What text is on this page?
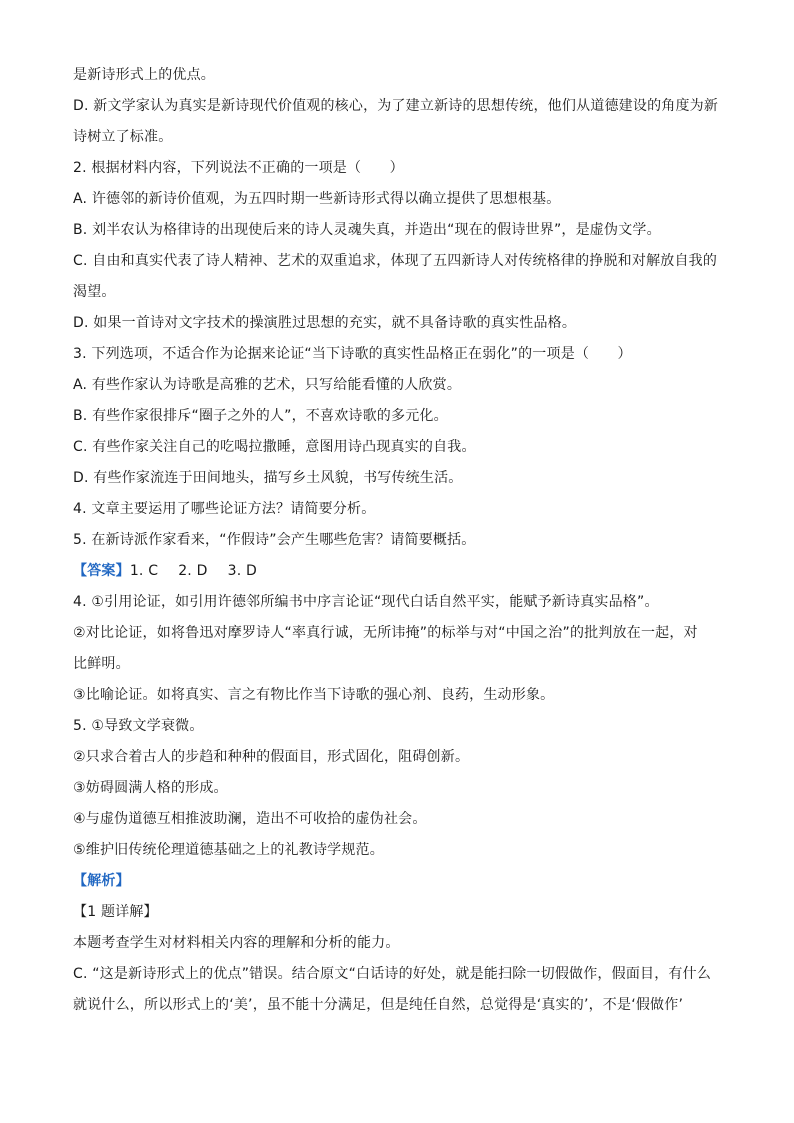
是新诗形式上的优点。
D. 新文学家认为真实是新诗现代价值观的核心，为了建立新诗的思想传统，他们从道德建设的角度为新
诗树立了标准。
2. 根据材料内容，下列说法不正确的一项是（　　）
A. 许德邻的新诗价值观，为五四时期一些新诗形式得以确立提供了思想根基。
B. 刘半农认为格律诗的出现使后来的诗人灵魂失真，并造出“现在的假诗世界”，是虚伪文学。
C. 自由和真实代表了诗人精神、艺术的双重追求，体现了五四新诗人对传统格律的挣脱和对解放自我的
渴望。
D. 如果一首诗对文字技术的操演胜过思想的充实，就不具备诗歌的真实性品格。
3. 下列选项，不适合作为论据来论证“当下诗歌的真实性品格正在弱化”的一项是（　　）
A. 有些作家认为诗歌是高雅的艺术，只写给能看懂的人欣赏。
B. 有些作家很排斥“圈子之外的人”，不喜欢诗歌的多元化。
C. 有些作家关注自己的吃喝拉撒睡，意图用诗凸现真实的自我。
D. 有些作家流连于田间地头，描写乡土风貌，书写传统生活。
4. 文章主要运用了哪些论证方法？请简要分析。
5. 在新诗派作家看来，“作假诗”会产生哪些危害？请简要概括。
【答案】1. C 2. D 3. D
4. ①引用论证，如引用许德邻所编书中序言论证“现代白话自然平实，能赋予新诗真实品格”。
②对比论证，如将鲁迅对摩罗诗人“率真行诚，无所讳掩”的标举与对“中国之治”的批判放在一起，对
比鲜明。
③比喻论证。如将真实、言之有物比作当下诗歌的强心剂、良药，生动形象。
5. ①导致文学衰微。
②只求合着古人的步趋和种种的假面目，形式固化，阻碍创新。
③妨碍圆满人格的形成。
④与虚伪道德互相推波助澜，造出不可收拾的虚伪社会。
⑤维护旧传统伦理道德基础之上的礼教诗学规范。
【解析】
【1 题详解】
本题考查学生对材料相关内容的理解和分析的能力。
C. “这是新诗形式上的优点”错误。结合原文“白话诗的好处，就是能扫除一切假做作，假面目，有什么
就说什么，所以形式上的‘美’，虽不能十分满足，但是纯任自然，总觉得是‘真实的’，不是‘假做作’
